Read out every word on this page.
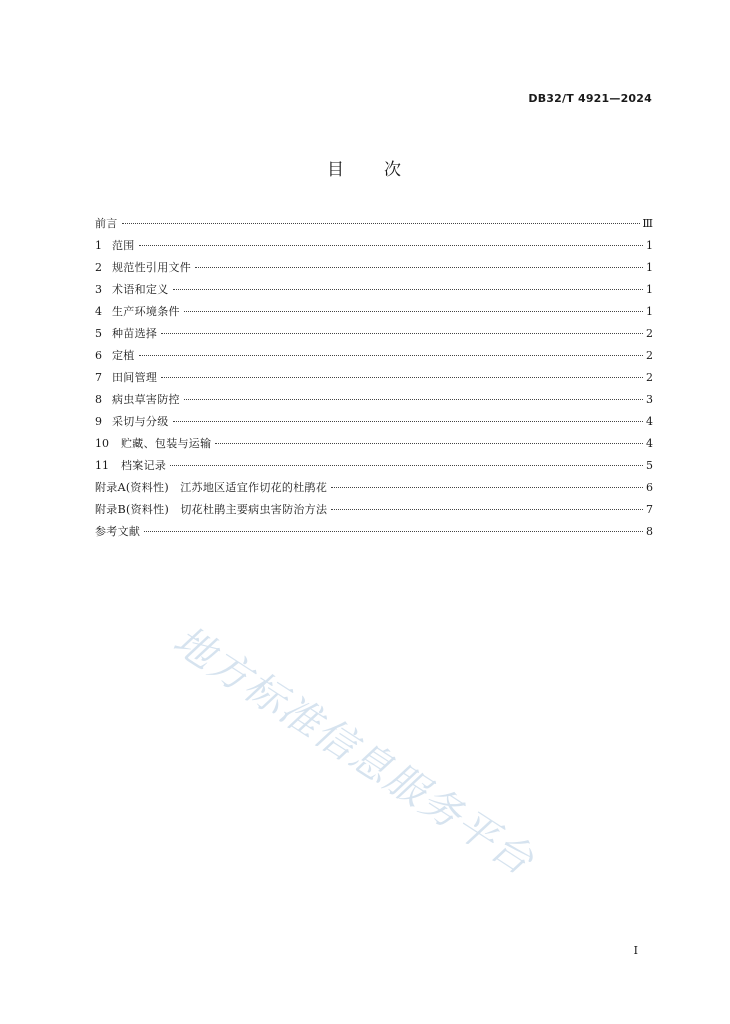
DB32/T 4921—2024
目 次
前言	Ⅲ
1 范围	1
2 规范性引用文件	1
3 术语和定义	1
4 生产环境条件	1
5 种苗选择	2
6 定植	2
7 田间管理	2
8 病虫草害防控	3
9 采切与分级	4
10 贮藏、包装与运输	4
11 档案记录	5
附录A(资料性)　江苏地区适宜作切花的杜鹃花	6
附录B(资料性)　切花杜鹃主要病虫害防治方法	7
参考文献	8
地方标准信息服务平台
I
